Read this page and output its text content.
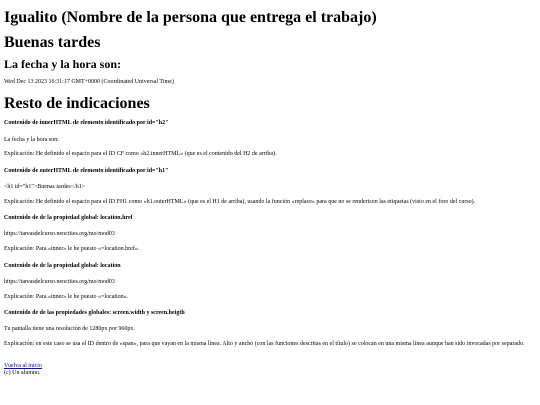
Igualito (Nombre de la persona que entrega el trabajo)
Buenas tardes
La fecha y la hora son:
Wed Dec 13 2023 16:31:17 GMT+0000 (Coordinated Universal Time)
Resto de indicaciones
Contenido de innerHTML de elemento identificado por id="h2"
La fecha y la hora son:
Explicación: He definido el espacio para el ID CF como «h2.innerHTML» (que es el contenido del H2 de arriba).
Contenido de outerHTML de elemento identificado por id="h1"
<h1 id="h1">Buenas tardes</h1>
Explicación: He definido el espacio para el ID FH1 como «h1.outerHTML» (que es el H1 de arriba), usando la función «replace» para que no se rendericen las etiquetas (visto en el foro del curso).
Contenido de de la propiedad global: location.href
https://tareasdelcurso.neocities.org/mo/mod03
Explicación: Para «inner» le he puesto «=location.href».
Contenido de de la propiedad global: location
https://tareasdelcurso.neocities.org/mo/mod03
Explicación: Para «inner» le he puesto «=location».
Contenido de de las propiedades globales: screen.width y screen.heigth
Tu pantalla tiene una resolución de 1280px por 960px.
Explicación: en este caso se usa el ID dentro de «span», para que vayan en la misma línea. Alto y ancho (con las funciones descritas en el título) se colocan en una misma línea aunque han sido invocadas por separado.
Vuelva al inicio
(c) Un alumno.
